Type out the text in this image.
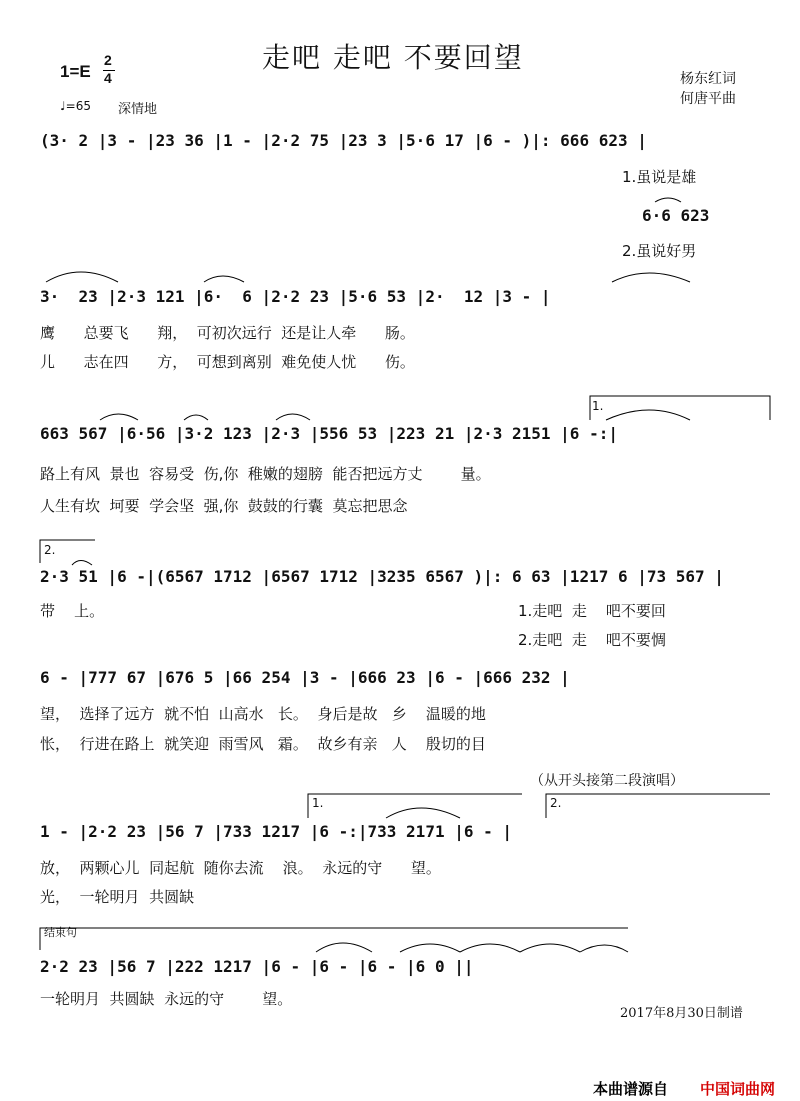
走吧 走吧 不要回望
杨东红词
何唐平曲
1=E
2
4
♩=65 深情地
(3· 2 |3 - |23 36 |1 - |2·2 75 |23 3 |5·6 17 |6 - )|: 666 623 |
1.虽说是雄
6·6 623
2.虽说好男
3·  23 |2·3 121 |6·  6 |2·2 23 |5·6 53 |2·  12 |3 - |
鹰      总要飞      翔，  可初次远行  还是让人牵      肠。
儿      志在四      方，  可想到离别  难免使人忧      伤。
1.
663 567 |6·56 |3·2 123 |2·3 |556 53 |223 21 |2·3 2151 |6 -:|
路上有风  景也  容易受  伤,你  稚嫩的翅膀  能否把远方丈        量。
人生有坎  坷要  学会坚  强,你  鼓鼓的行囊  莫忘把思念
2.
2·3 51 |6 -|(6567 1712 |6567 1712 |3235 6567 )|: 6 63 |1217 6 |73 567 |
带    上。	1.走吧  走    吧不要回
2.走吧  走    吧不要惆
6 - |777 67 |676 5 |66 254 |3 - |666 23 |6 - |666 232 |
望，  选择了远方  就不怕  山高水   长。  身后是故   乡    温暖的地
怅，  行进在路上  就笑迎  雨雪风   霜。  故乡有亲   人    殷切的目
（从开头接第二段演唱）
1.	2.
1 - |2·2 23 |56 7 |733 1217 |6 -:|733 2171 |6 - |
放，  两颗心儿  同起航  随你去流    浪。  永远的守      望。
光，  一轮明月  共圆缺
结束句
2·2 23 |56 7 |222 1217 |6 - |6 - |6 - |6 0 ||
一轮明月  共圆缺  永远的守        望。
2017年8月30日制谱
本曲谱源自 中国词曲网
